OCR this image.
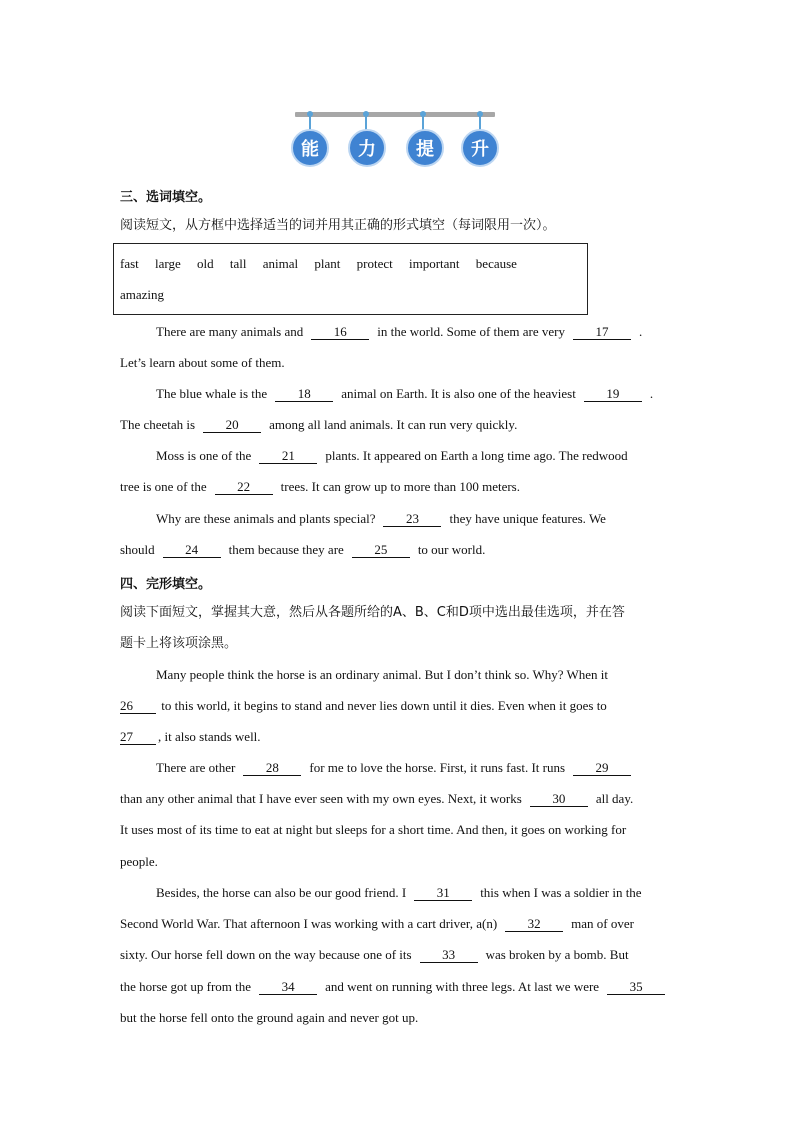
能	力	提	升
三、选词填空。
阅读短文，从方框中选择适当的词并用其正确的形式填空（每词限用一次）。
fast large old tall animal plant protect important because
amazing
There are many animals and 16 in the world. Some of them are very 17 .
Let’s learn about some of them.
The blue whale is the 18 animal on Earth. It is also one of the heaviest 19 .
The cheetah is 20 among all land animals. It can run very quickly.
Moss is one of the 21 plants. It appeared on Earth a long time ago. The redwood
tree is one of the 22 trees. It can grow up to more than 100 meters.
Why are these animals and plants special? 23 they have unique features. We
should 24 them because they are 25 to our world.
四、完形填空。
阅读下面短文，掌握其大意，然后从各题所给的A、B、C和D项中选出最佳选项，并在答
题卡上将该项涂黑。
Many people think the horse is an ordinary animal. But I don’t think so. Why? When it
26 to this world, it begins to stand and never lies down until it dies. Even when it goes to
27 , it also stands well.
There are other 28 for me to love the horse. First, it runs fast. It runs 29
than any other animal that I have ever seen with my own eyes. Next, it works 30 all day.
It uses most of its time to eat at night but sleeps for a short time. And then, it goes on working for
people.
Besides, the horse can also be our good friend. I 31 this when I was a soldier in the
Second World War. That afternoon I was working with a cart driver, a(n) 32 man of over
sixty. Our horse fell down on the way because one of its 33 was broken by a bomb. But
the horse got up from the 34 and went on running with three legs. At last we were 35
but the horse fell onto the ground again and never got up.
